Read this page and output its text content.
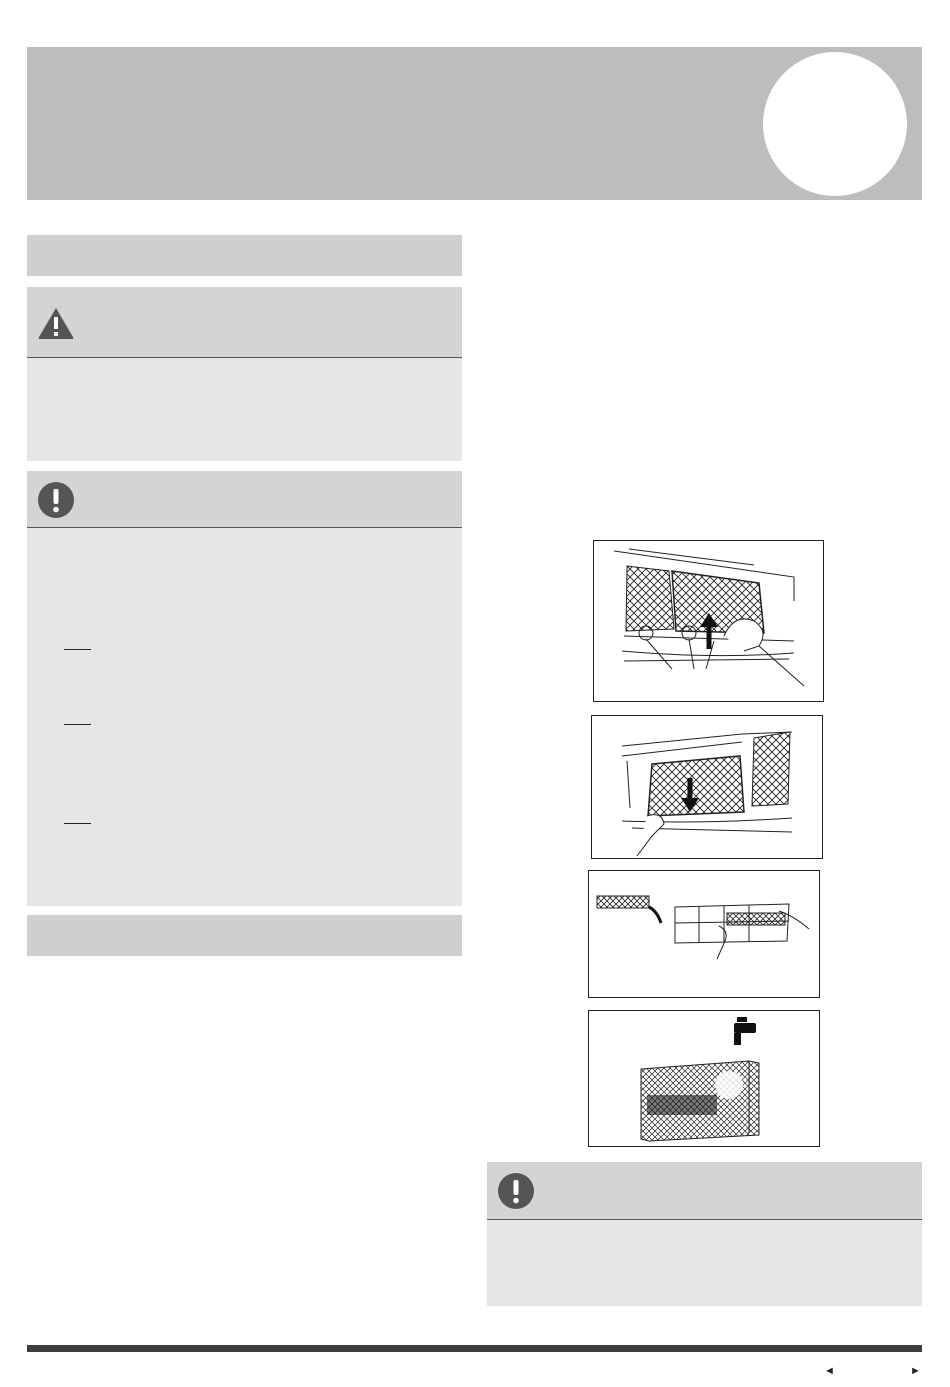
◄	►
